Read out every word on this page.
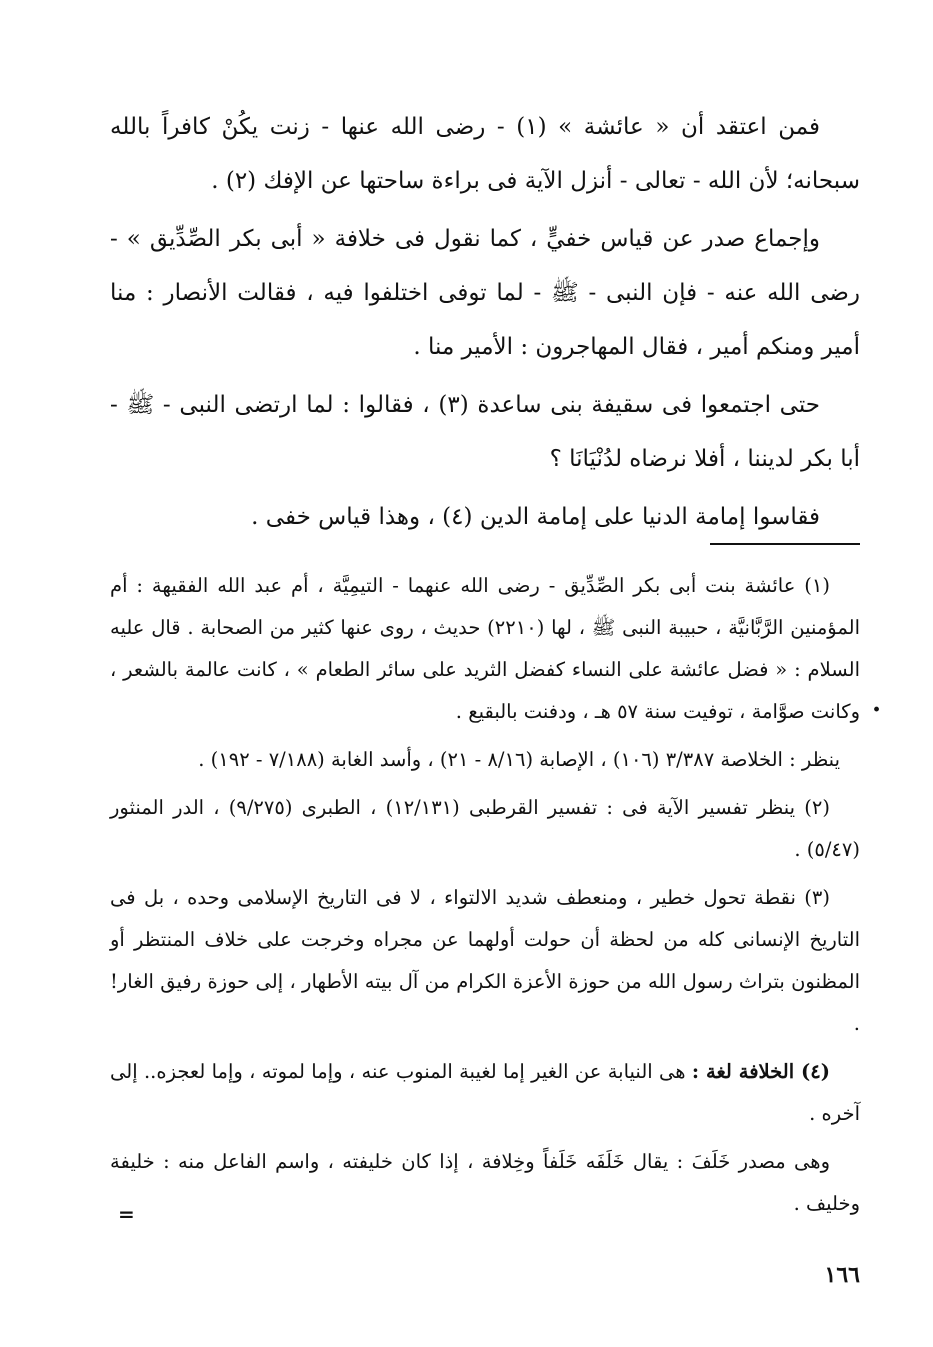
فمن اعتقد أن « عائشة » (١) - رضى الله عنها - زنت يكُنْ كافراً بالله سبحانه؛ لأن الله - تعالى - أنزل الآية فى براءة ساحتها عن الإفك (٢) .

وإجماع صدر عن قياس خفيٍّ ، كما نقول فى خلافة « أبى بكر الصِّدِّيق » - رضى الله عنه - فإن النبى - ﷺ - لما توفى اختلفوا فيه ، فقالت الأنصار : منا أمير ومنكم أمير ، فقال المهاجرون : الأمير منا .

حتى اجتمعوا فى سقيفة بنى ساعدة (٣) ، فقالوا : لما ارتضى النبى - ﷺ - أبا بكر لديننا ، أفلا نرضاه لدُنْيَانَا ؟

فقاسوا إمامة الدنيا على إمامة الدين (٤) ، وهذا قياس خفى .

(١) عائشة بنت أبى بكر الصِّدِّيق - رضى الله عنهما - التيمِيَّة ، أم عبد الله الفقيهة : أم المؤمنين الرَّبَّانيَّة ، حبيبة النبى ﷺ ، لها (٢٢١٠) حديث ، روى عنها كثير من الصحابة . قال عليه السلام : « فضل عائشة على النساء كفضل الثريد على سائر الطعام » ، كانت عالمة بالشعر ، وكانت صوَّامة ، توفيت سنة ٥٧ هـ ، ودفنت بالبقيع .

ينظر : الخلاصة ٣/٣٨٧ (١٠٦) ، الإصابة (٨/١٦ - ٢١) ، وأسد الغابة (٧/١٨٨ - ١٩٢) .

(٢) ينظر تفسير الآية فى : تفسير القرطبى (١٢/١٣١) ، الطبرى (٩/٢٧٥) ، الدر المنثور (٥/٤٧) .

(٣) نقطة تحول خطير ، ومنعطف شديد الالتواء ، لا فى التاريخ الإسلامى وحده ، بل فى التاريخ الإنسانى كله من لحظة أن حولت أولهما عن مجراه وخرجت على خلاف المنتظر أو المظنون بتراث رسول الله من حوزة الأعزة الكرام من آل بيته الأطهار ، إلى حوزة رفيق الغار! .

(٤) الخلافة لغة : هى النيابة عن الغير إما لغيبة المنوب عنه ، وإما لموته ، وإما لعجزه.. إلى آخره .

وهى مصدر خَلَفَ : يقال خَلَفَه خَلَفاً وخِلافة ، إذا كان خليفته ، واسم الفاعل منه : خليفة وخليف .

.
=
١٦٦
